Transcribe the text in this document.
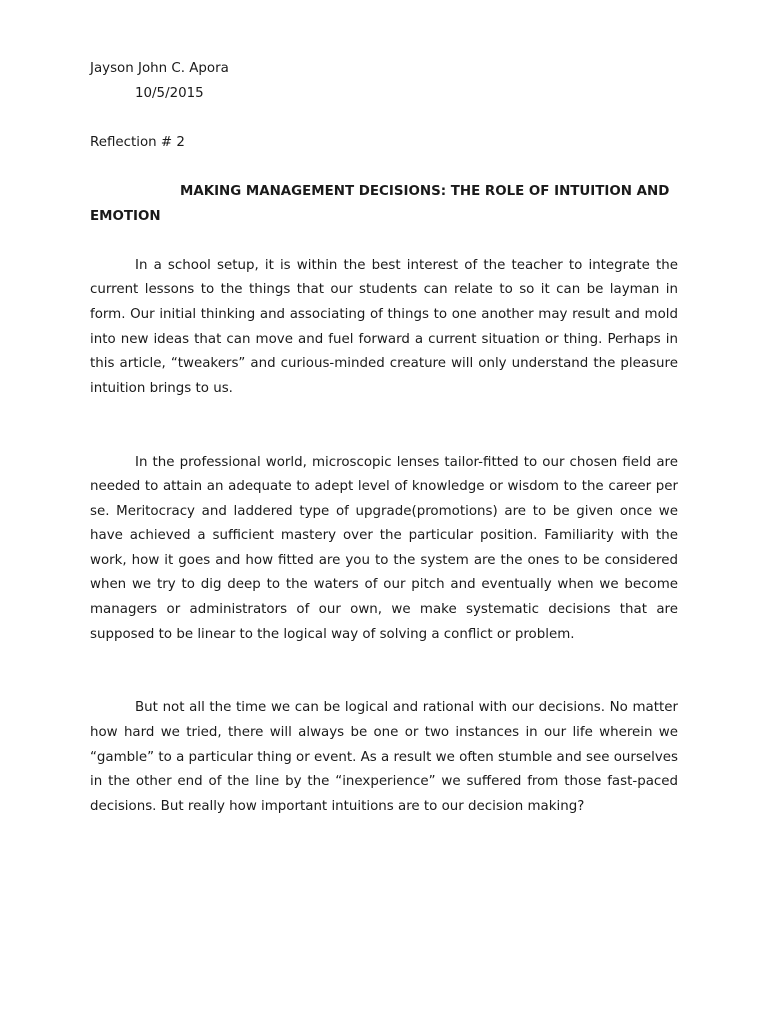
Jayson John C. Apora

10/5/2015

Reflection # 2

MAKING MANAGEMENT DECISIONS: THE ROLE OF INTUITION AND EMOTION

In a school setup, it is within the best interest of the teacher to integrate the current lessons to the things that our students can relate to so it can be layman in form. Our initial thinking and associating of things to one another may result and mold into new ideas that can move and fuel forward a current situation or thing. Perhaps in this article, “tweakers” and curious-minded creature will only understand the pleasure intuition brings to us.

In the professional world, microscopic lenses tailor-fitted to our chosen field are needed to attain an adequate to adept level of knowledge or wisdom to the career per se. Meritocracy and laddered type of upgrade(promotions) are to be given once we have achieved a sufficient mastery over the particular position. Familiarity with the work, how it goes and how fitted are you to the system are the ones to be considered when we try to dig deep to the waters of our pitch and eventually when we become managers or administrators of our own, we make systematic decisions that are supposed to be linear to the logical way of solving a conflict or problem.

But not all the time we can be logical and rational with our decisions. No matter how hard we tried, there will always be one or two instances in our life wherein we “gamble” to a particular thing or event. As a result we often stumble and see ourselves in the other end of the line by the “inexperience” we suffered from those fast-paced decisions. But really how important intuitions are to our decision making?
